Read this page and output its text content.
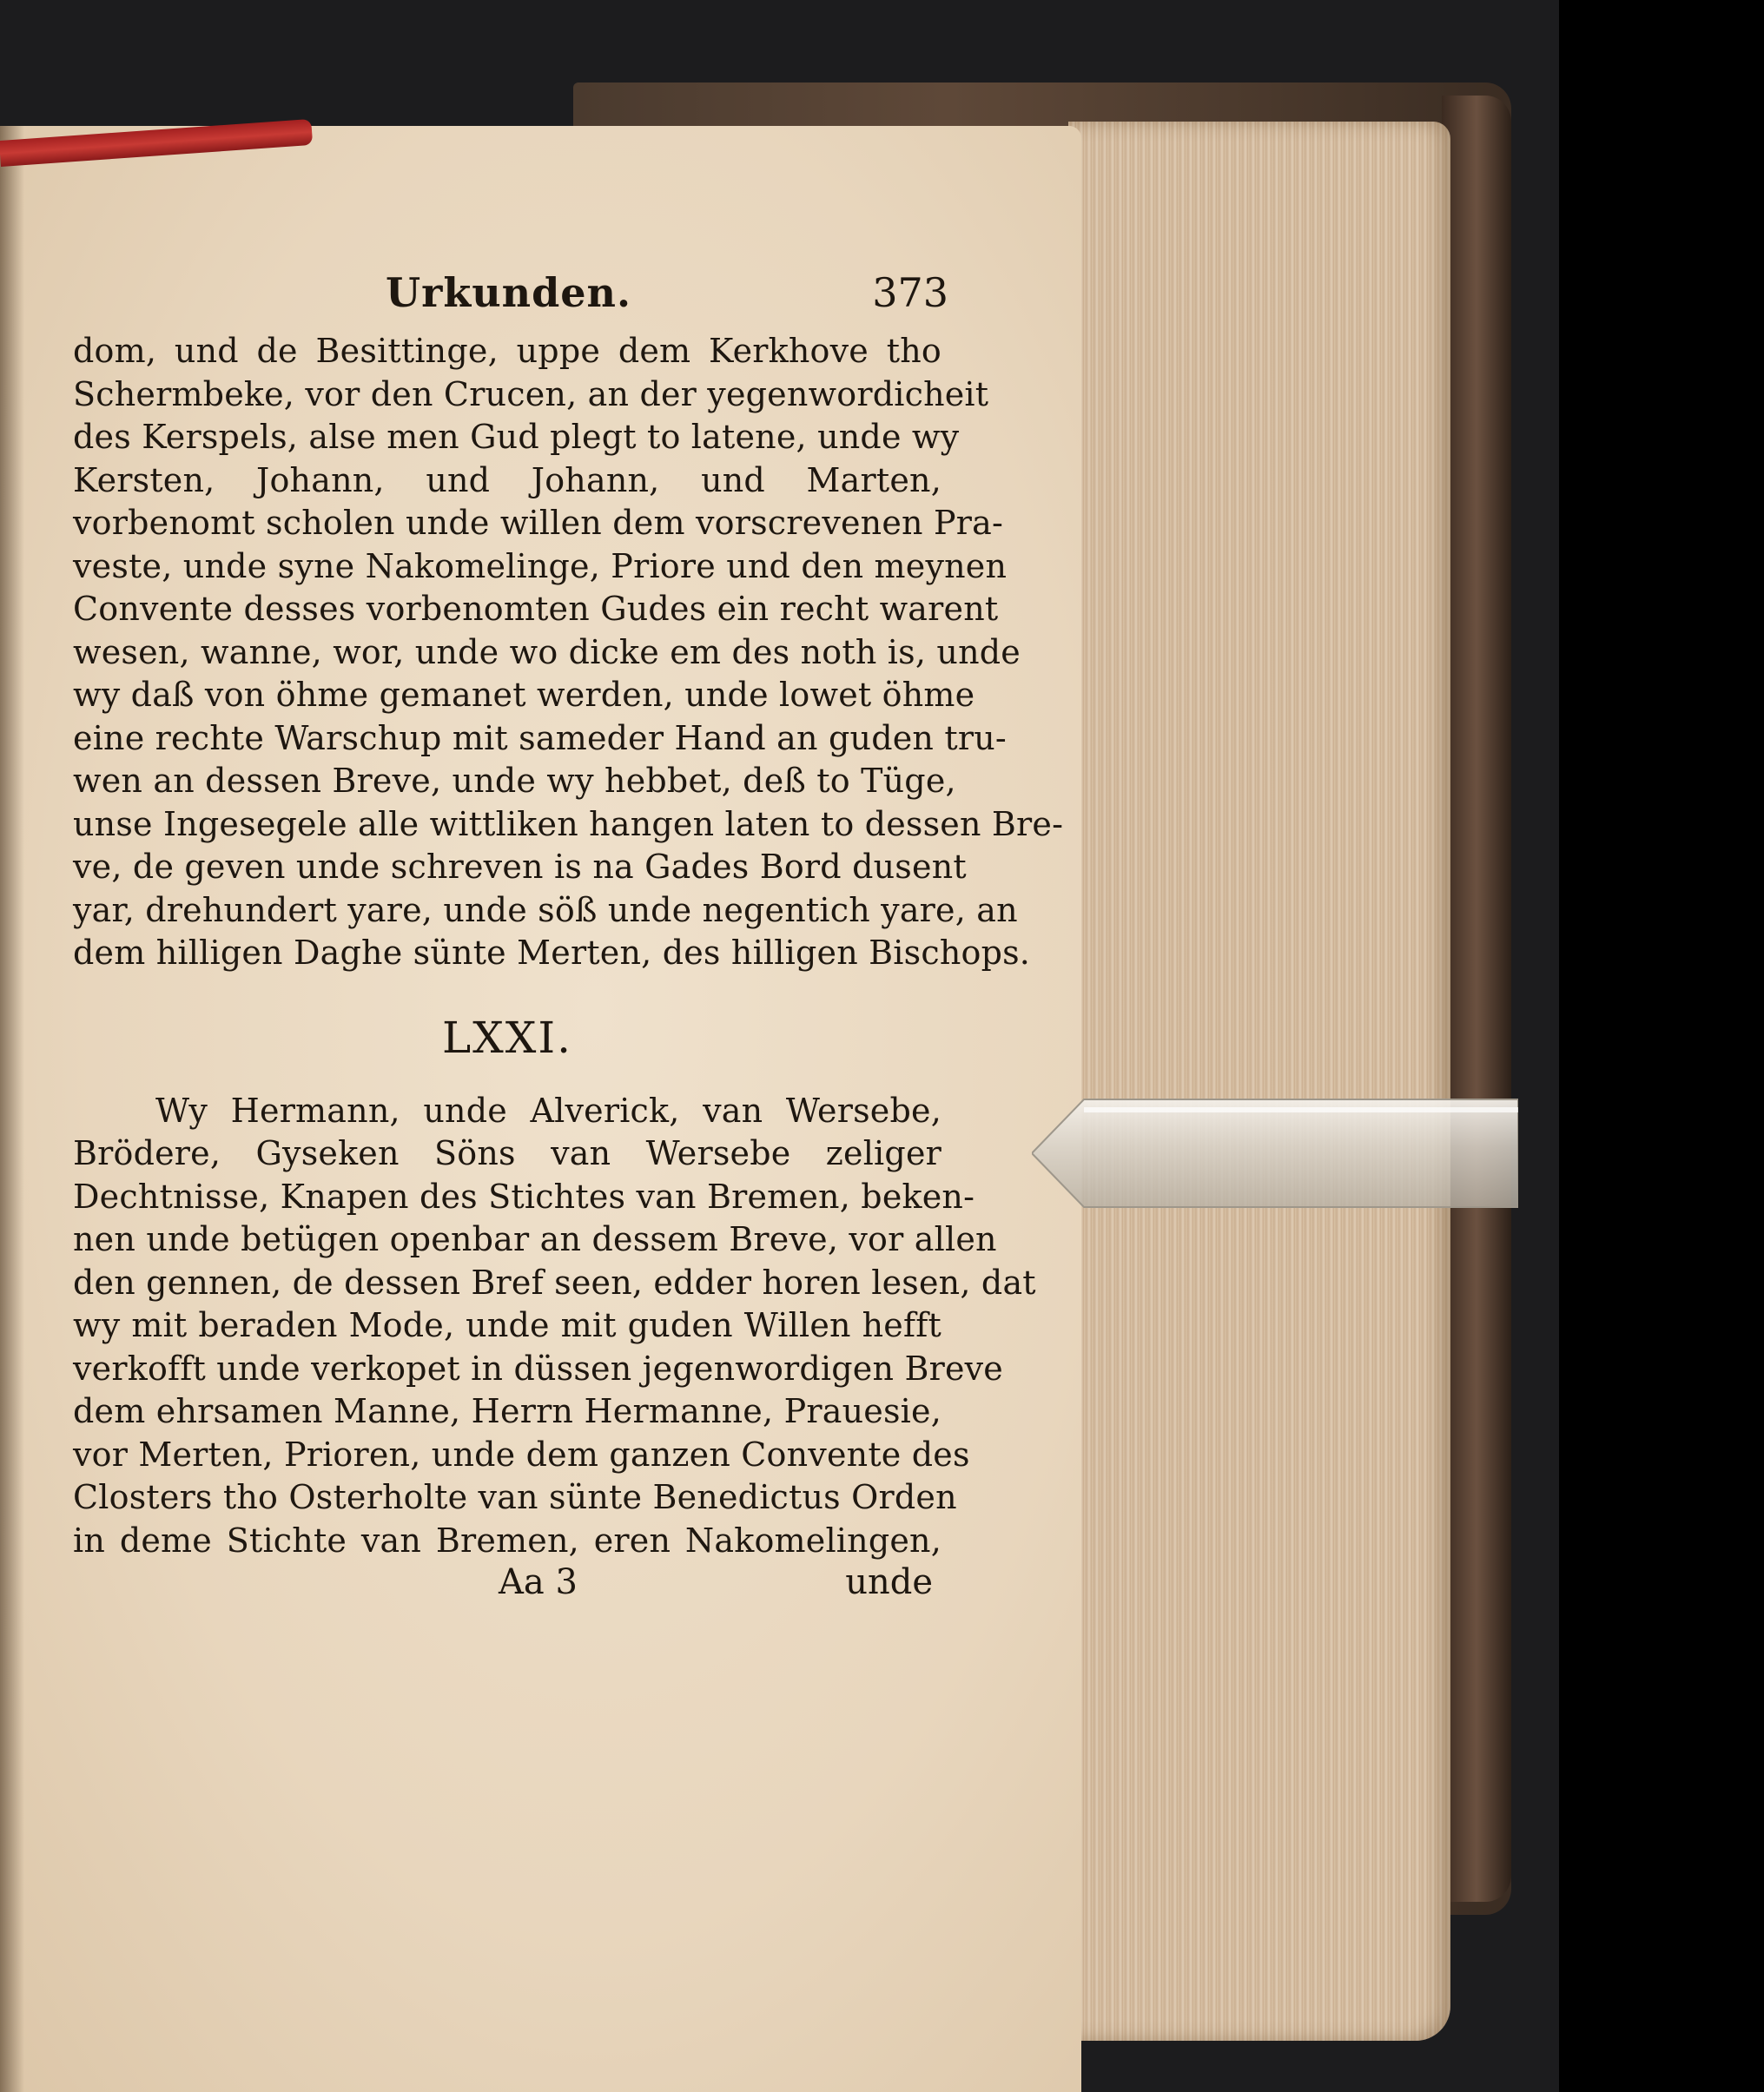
Urkunden.	373
dom, und de Besittinge, uppe dem Kerkhove tho
Schermbeke, vor den Crucen, an der yegenwordicheit
des Kerspels, alse men Gud plegt to latene, unde wy
Kersten, Johann, und Johann, und Marten,
vorbenomt scholen unde willen dem vorscrevenen Pra-
veste, unde syne Nakomelinge, Priore und den meynen
Convente desses vorbenomten Gudes ein recht warent
wesen, wanne, wor, unde wo dicke em des noth is, unde
wy daß von öhme gemanet werden, unde lowet öhme
eine rechte Warschup mit sameder Hand an guden tru-
wen an dessen Breve, unde wy hebbet, deß to Tüge,
unse Ingesegele alle wittliken hangen laten to dessen Bre-
ve, de geven unde schreven is na Gades Bord dusent
yar, drehundert yare, unde söß unde negentich yare, an
dem hilligen Daghe sünte Merten, des hilligen Bischops.
LXXI.
Wy Hermann, unde Alverick, van Wersebe,
Brödere, Gyseken Söns van Wersebe zeliger
Dechtnisse, Knapen des Stichtes van Bremen, beken-
nen unde betügen openbar an dessem Breve, vor allen
den gennen, de dessen Bref seen, edder horen lesen, dat
wy mit beraden Mode, unde mit guden Willen hefft
verkofft unde verkopet in düssen jegenwordigen Breve
dem ehrsamen Manne, Herrn Hermanne, Prauesie,
vor Merten, Prioren, unde dem ganzen Convente des
Closters tho Osterholte van sünte Benedictus Orden
in deme Stichte van Bremen, eren Nakomelingen,
Aa 3	unde
